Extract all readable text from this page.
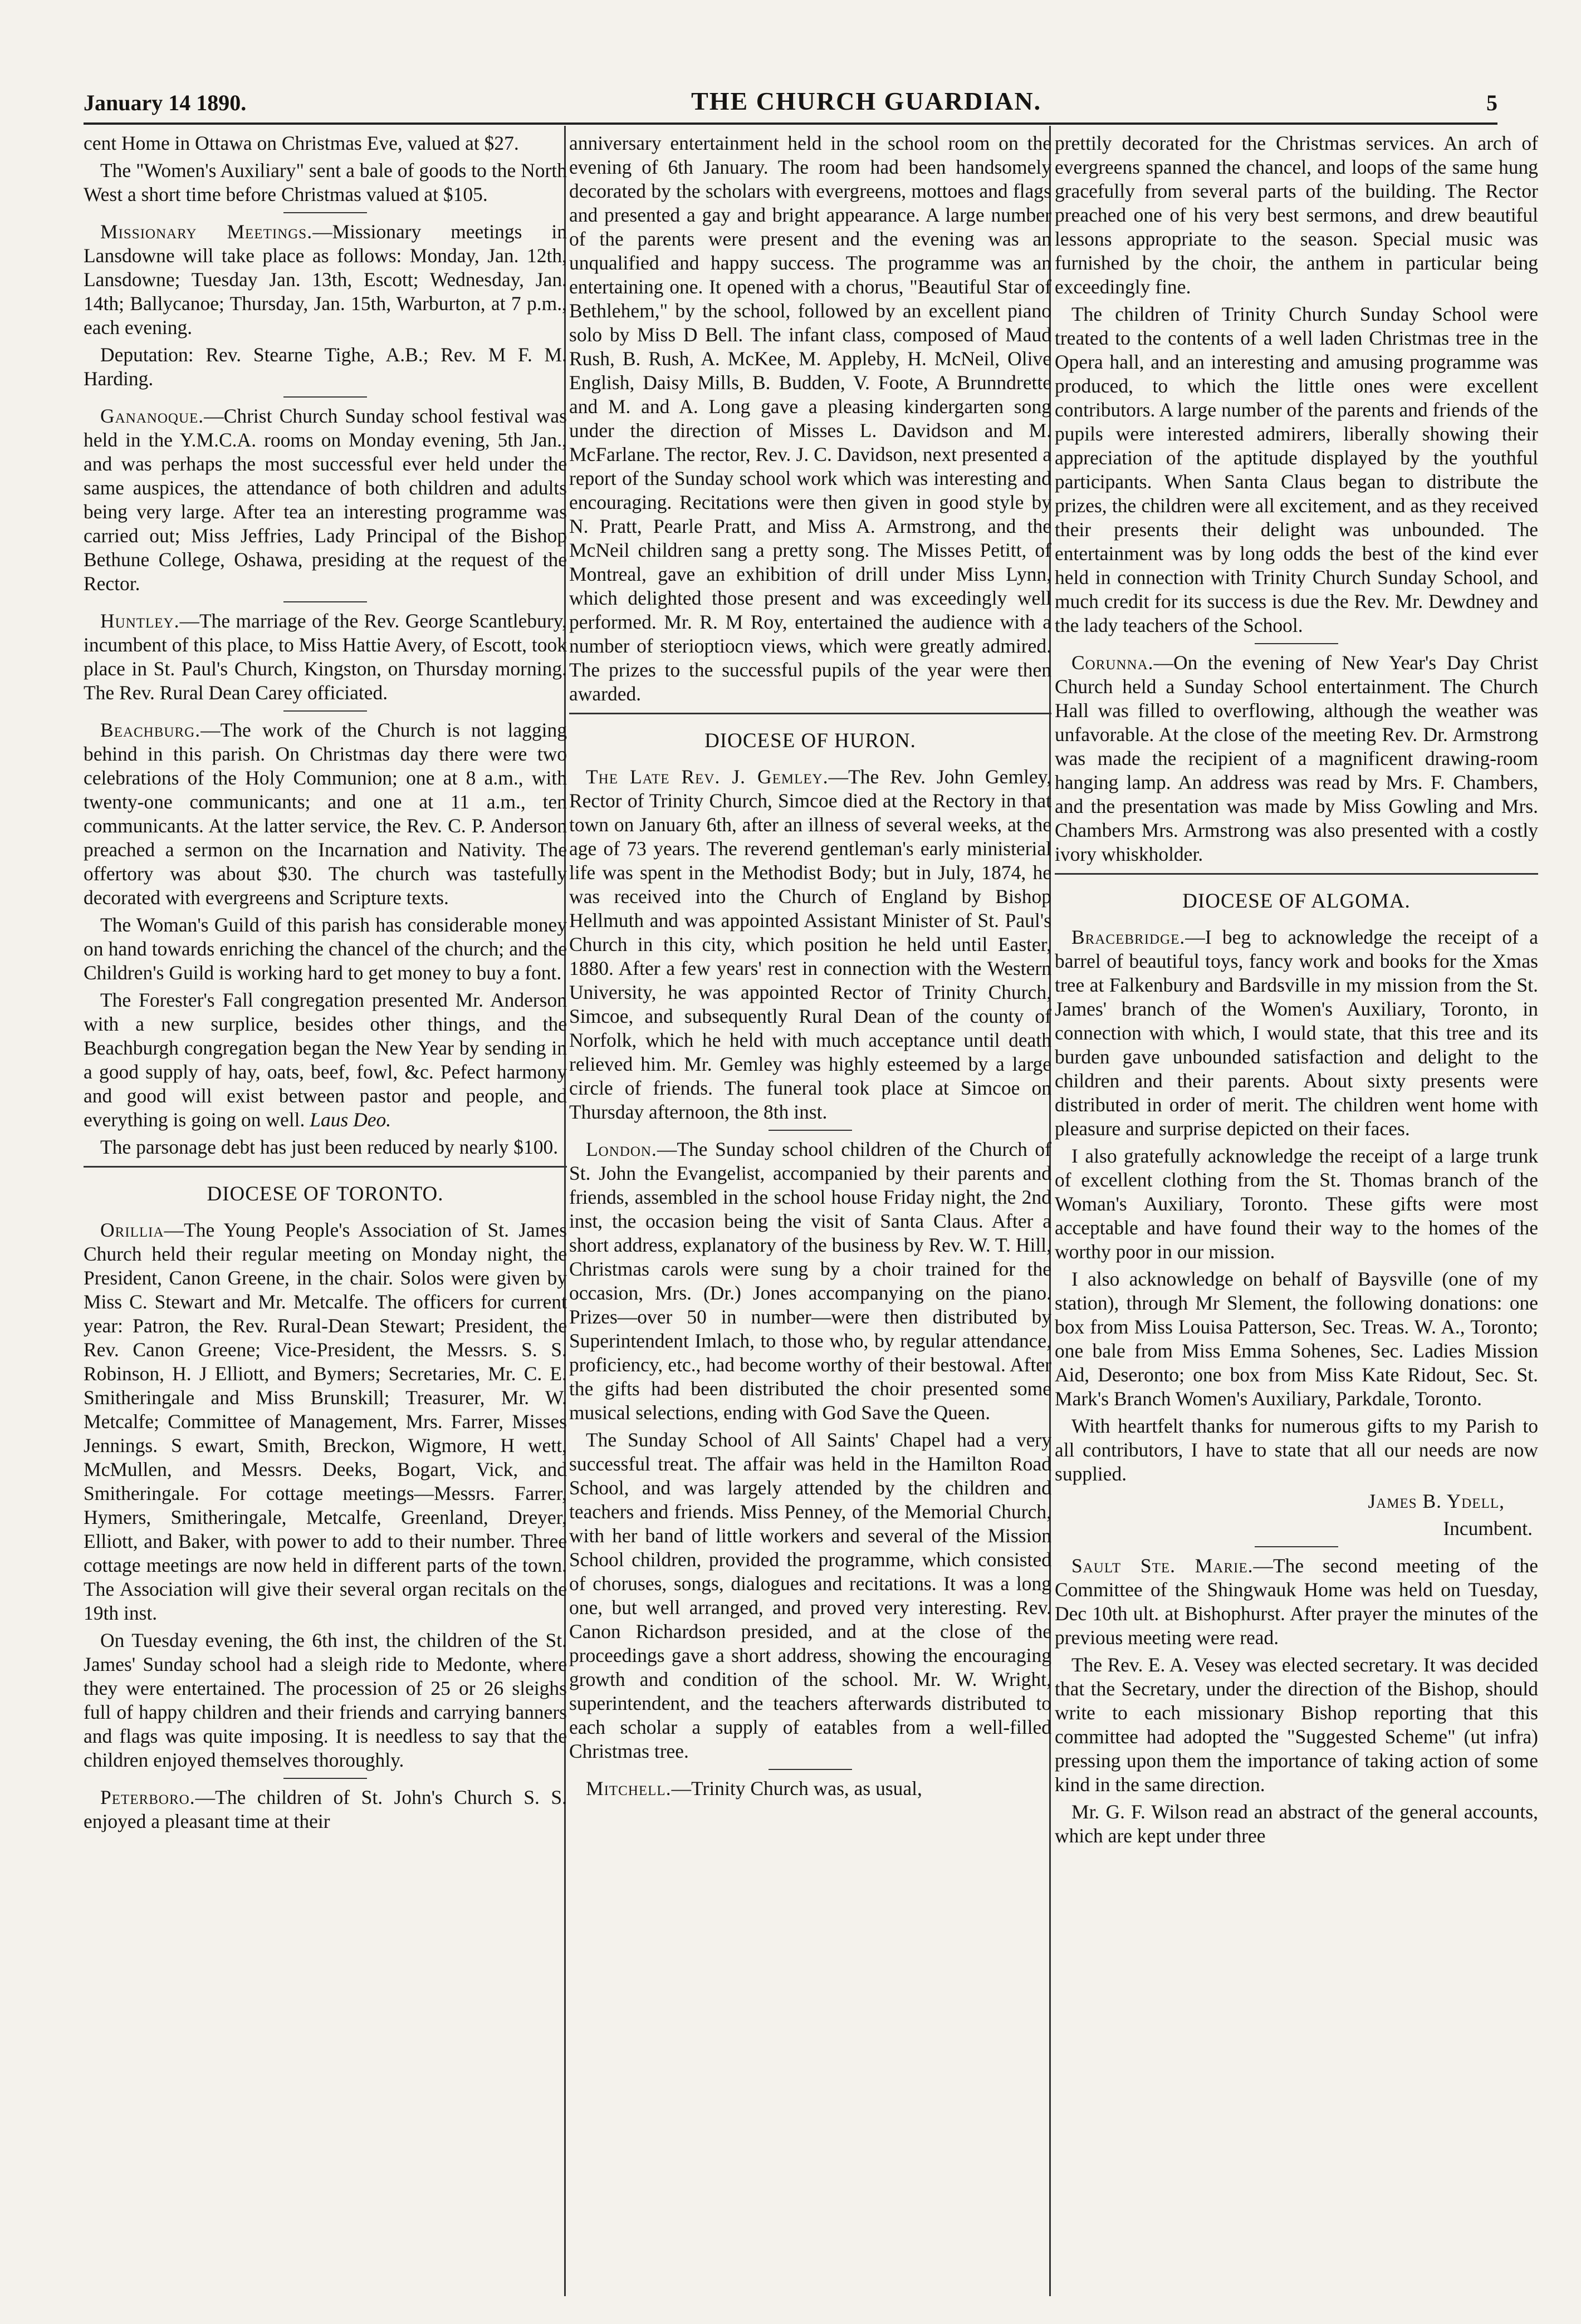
January 14 1890.	THE CHURCH GUARDIAN.	5

cent Home in Ottawa on Christmas Eve, valued at $27.

The "Women's Auxiliary" sent a bale of goods to the North West a short time before Christmas valued at $105.

Missionary Meetings.—Missionary meetings in Lansdowne will take place as follows: Monday, Jan. 12th, Lansdowne; Tuesday Jan. 13th, Escott; Wednesday, Jan. 14th; Ballycanoe; Thursday, Jan. 15th, Warburton, at 7 p.m., each evening.

Deputation: Rev. Stearne Tighe, A.B.; Rev. M F. M. Harding.

Gananoque.—Christ Church Sunday school festival was held in the Y.M.C.A. rooms on Monday evening, 5th Jan., and was perhaps the most successful ever held under the same auspices, the attendance of both children and adults being very large. After tea an interesting programme was carried out; Miss Jeffries, Lady Principal of the Bishop Bethune College, Oshawa, presiding at the request of the Rector.

Huntley.—The marriage of the Rev. George Scantlebury, incumbent of this place, to Miss Hattie Avery, of Escott, took place in St. Paul's Church, Kingston, on Thursday morning. The Rev. Rural Dean Carey officiated.

Beachburg.—The work of the Church is not lagging behind in this parish. On Christmas day there were two celebrations of the Holy Communion; one at 8 a.m., with twenty-one communicants; and one at 11 a.m., ten communicants. At the latter service, the Rev. C. P. Anderson preached a sermon on the Incarnation and Nativity. The offertory was about $30. The church was tastefully decorated with evergreens and Scripture texts.

The Woman's Guild of this parish has considerable money on hand towards enriching the chancel of the church; and the Children's Guild is working hard to get money to buy a font.

The Forester's Fall congregation presented Mr. Anderson with a new surplice, besides other things, and the Beachburgh congregation began the New Year by sending in a good supply of hay, oats, beef, fowl, &c. Pefect harmony and good will exist between pastor and people, and everything is going on well. Laus Deo.

The parsonage debt has just been reduced by nearly $100.

DIOCESE OF TORONTO.

Orillia—The Young People's Association of St. James Church held their regular meeting on Monday night, the President, Canon Greene, in the chair. Solos were given by Miss C. Stewart and Mr. Metcalfe. The officers for current year: Patron, the Rev. Rural-Dean Stewart; President, the Rev. Canon Greene; Vice-President, the Messrs. S. S. Robinson, H. J Elliott, and Bymers; Secretaries, Mr. C. E. Smitheringale and Miss Brunskill; Treasurer, Mr. W. Metcalfe; Committee of Management, Mrs. Farrer, Misses Jennings. S ewart, Smith, Breckon, Wigmore, H wett, McMullen, and Messrs. Deeks, Bogart, Vick, and Smitheringale. For cottage meetings—Messrs. Farrer, Hymers, Smitheringale, Metcalfe, Greenland, Dreyer, Elliott, and Baker, with power to add to their number. Three cottage meetings are now held in different parts of the town. The Association will give their several organ recitals on the 19th inst.

On Tuesday evening, the 6th inst, the children of the St. James' Sunday school had a sleigh ride to Medonte, where they were entertained. The procession of 25 or 26 sleighs full of happy children and their friends and carrying banners and flags was quite imposing. It is needless to say that the children enjoyed themselves thoroughly.

Peterboro.—The children of St. John's Church S. S. enjoyed a pleasant time at their

anniversary entertainment held in the school room on the evening of 6th January. The room had been handsomely decorated by the scholars with evergreens, mottoes and flags and presented a gay and bright appearance. A large number of the parents were present and the evening was an unqualified and happy success. The programme was an entertaining one. It opened with a chorus, "Beautiful Star of Bethlehem," by the school, followed by an excellent piano solo by Miss D Bell. The infant class, composed of Maud Rush, B. Rush, A. McKee, M. Appleby, H. McNeil, Olive English, Daisy Mills, B. Budden, V. Foote, A Brunndrette and M. and A. Long gave a pleasing kindergarten song under the direction of Misses L. Davidson and M. McFarlane. The rector, Rev. J. C. Davidson, next presented a report of the Sunday school work which was interesting and encouraging. Recitations were then given in good style by N. Pratt, Pearle Pratt, and Miss A. Armstrong, and the McNeil children sang a pretty song. The Misses Petitt, of Montreal, gave an exhibition of drill under Miss Lynn, which delighted those present and was exceedingly well performed. Mr. R. M Roy, entertained the audience with a number of sterioptiocn views, which were greatly admired. The prizes to the successful pupils of the year were then awarded.

DIOCESE OF HURON.

The Late Rev. J. Gemley.—The Rev. John Gemley, Rector of Trinity Church, Simcoe died at the Rectory in that town on January 6th, after an illness of several weeks, at the age of 73 years. The reverend gentleman's early ministerial life was spent in the Methodist Body; but in July, 1874, he was received into the Church of England by Bishop Hellmuth and was appointed Assistant Minister of St. Paul's Church in this city, which position he held until Easter, 1880. After a few years' rest in connection with the Western University, he was appointed Rector of Trinity Church, Simcoe, and subsequently Rural Dean of the county of Norfolk, which he held with much acceptance until death relieved him. Mr. Gemley was highly esteemed by a large circle of friends. The funeral took place at Simcoe on Thursday afternoon, the 8th inst.

London.—The Sunday school children of the Church of St. John the Evangelist, accompanied by their parents and friends, assembled in the school house Friday night, the 2nd inst, the occasion being the visit of Santa Claus. After a short address, explanatory of the business by Rev. W. T. Hill, Christmas carols were sung by a choir trained for the occasion, Mrs. (Dr.) Jones accompanying on the piano. Prizes—over 50 in number—were then distributed by Superintendent Imlach, to those who, by regular attendance, proficiency, etc., had become worthy of their bestowal. After the gifts had been distributed the choir presented some musical selections, ending with God Save the Queen.

The Sunday School of All Saints' Chapel had a very successful treat. The affair was held in the Hamilton Road School, and was largely attended by the children and teachers and friends. Miss Penney, of the Memorial Church, with her band of little workers and several of the Mission School children, provided the programme, which consisted of choruses, songs, dialogues and recitations. It was a long one, but well arranged, and proved very interesting. Rev. Canon Richardson presided, and at the close of the proceedings gave a short address, showing the encouraging growth and condition of the school. Mr. W. Wright, superintendent, and the teachers afterwards distributed to each scholar a supply of eatables from a well-filled Christmas tree.

Mitchell.—Trinity Church was, as usual,

prettily decorated for the Christmas services. An arch of evergreens spanned the chancel, and loops of the same hung gracefully from several parts of the building. The Rector preached one of his very best sermons, and drew beautiful lessons appropriate to the season. Special music was furnished by the choir, the anthem in particular being exceedingly fine.

The children of Trinity Church Sunday School were treated to the contents of a well laden Christmas tree in the Opera hall, and an interesting and amusing programme was produced, to which the little ones were excellent contributors. A large number of the parents and friends of the pupils were interested admirers, liberally showing their appreciation of the aptitude displayed by the youthful participants. When Santa Claus began to distribute the prizes, the children were all excitement, and as they received their presents their delight was unbounded. The entertainment was by long odds the best of the kind ever held in connection with Trinity Church Sunday School, and much credit for its success is due the Rev. Mr. Dewdney and the lady teachers of the School.

Corunna.—On the evening of New Year's Day Christ Church held a Sunday School entertainment. The Church Hall was filled to overflowing, although the weather was unfavorable. At the close of the meeting Rev. Dr. Armstrong was made the recipient of a magnificent drawing-room hanging lamp. An address was read by Mrs. F. Chambers, and the presentation was made by Miss Gowling and Mrs. Chambers Mrs. Armstrong was also presented with a costly ivory whiskholder.

DIOCESE OF ALGOMA.

Bracebridge.—I beg to acknowledge the receipt of a barrel of beautiful toys, fancy work and books for the Xmas tree at Falkenbury and Bardsville in my mission from the St. James' branch of the Women's Auxiliary, Toronto, in connection with which, I would state, that this tree and its burden gave unbounded satisfaction and delight to the children and their parents. About sixty presents were distributed in order of merit. The children went home with pleasure and surprise depicted on their faces.

I also gratefully acknowledge the receipt of a large trunk of excellent clothing from the St. Thomas branch of the Woman's Auxiliary, Toronto. These gifts were most acceptable and have found their way to the homes of the worthy poor in our mission.

I also acknowledge on behalf of Baysville (one of my station), through Mr Slement, the following donations: one box from Miss Louisa Patterson, Sec. Treas. W. A., Toronto; one bale from Miss Emma Sohenes, Sec. Ladies Mission Aid, Deseronto; one box from Miss Kate Ridout, Sec. St. Mark's Branch Women's Auxiliary, Parkdale, Toronto.

With heartfelt thanks for numerous gifts to my Parish to all contributors, I have to state that all our needs are now supplied.

James B. Ydell,

Incumbent.

Sault Ste. Marie.—The second meeting of the Committee of the Shingwauk Home was held on Tuesday, Dec 10th ult. at Bishophurst. After prayer the minutes of the previous meeting were read.

The Rev. E. A. Vesey was elected secretary. It was decided that the Secretary, under the direction of the Bishop, should write to each missionary Bishop reporting that this committee had adopted the "Suggested Scheme" (ut infra) pressing upon them the importance of taking action of some kind in the same direction.

Mr. G. F. Wilson read an abstract of the general accounts, which are kept under three
